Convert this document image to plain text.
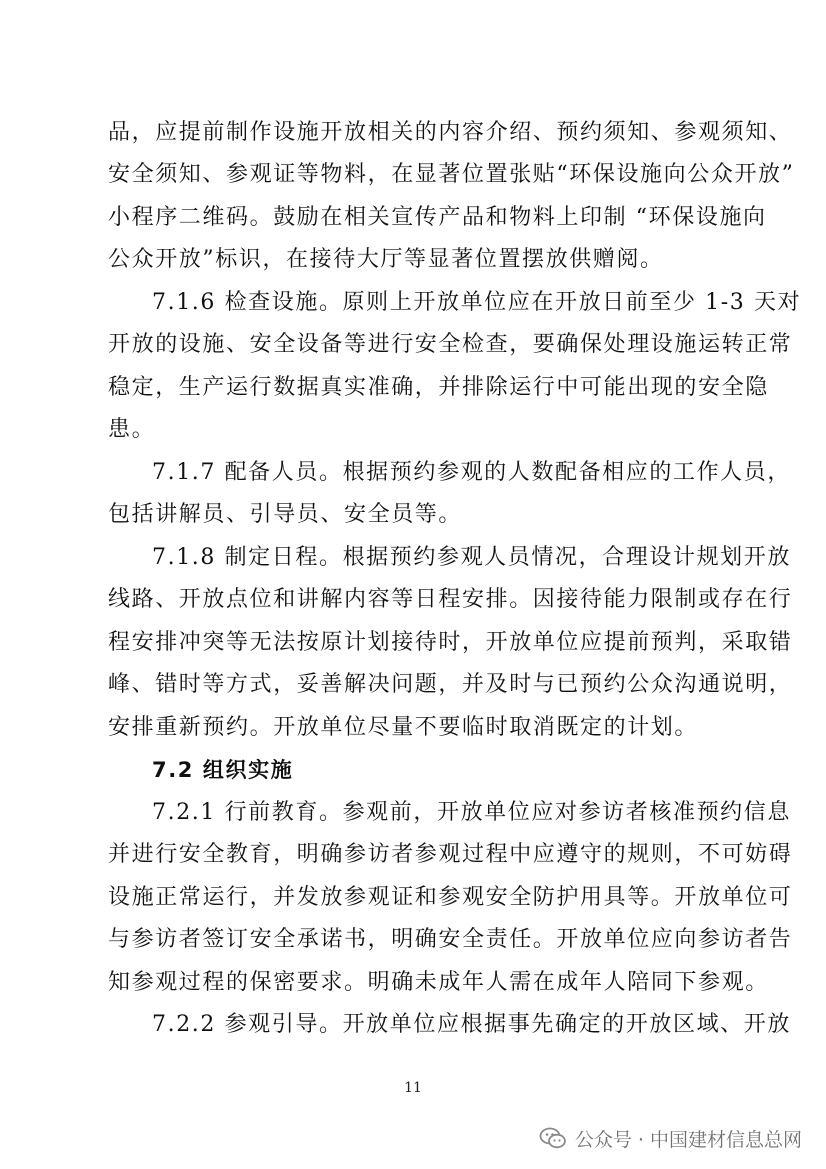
品，应提前制作设施开放相关的内容介绍、预约须知、参观须知、
安全须知、参观证等物料，在显著位置张贴“环保设施向公众开放”
小程序二维码。鼓励在相关宣传产品和物料上印制 “环保设施向
公众开放”标识，在接待大厅等显著位置摆放供赠阅。
7.1.6 检查设施。原则上开放单位应在开放日前至少 1-3 天对
开放的设施、安全设备等进行安全检查，要确保处理设施运转正常
稳定，生产运行数据真实准确，并排除运行中可能出现的安全隐
患。
7.1.7 配备人员。根据预约参观的人数配备相应的工作人员，
包括讲解员、引导员、安全员等。
7.1.8 制定日程。根据预约参观人员情况，合理设计规划开放
线路、开放点位和讲解内容等日程安排。因接待能力限制或存在行
程安排冲突等无法按原计划接待时，开放单位应提前预判，采取错
峰、错时等方式，妥善解决问题，并及时与已预约公众沟通说明，
安排重新预约。开放单位尽量不要临时取消既定的计划。
7.2 组织实施
7.2.1 行前教育。参观前，开放单位应对参访者核准预约信息
并进行安全教育，明确参访者参观过程中应遵守的规则，不可妨碍
设施正常运行，并发放参观证和参观安全防护用具等。开放单位可
与参访者签订安全承诺书，明确安全责任。开放单位应向参访者告
知参观过程的保密要求。明确未成年人需在成年人陪同下参观。
7.2.2 参观引导。开放单位应根据事先确定的开放区域、开放
11
公众号 · 中国建材信息总网
